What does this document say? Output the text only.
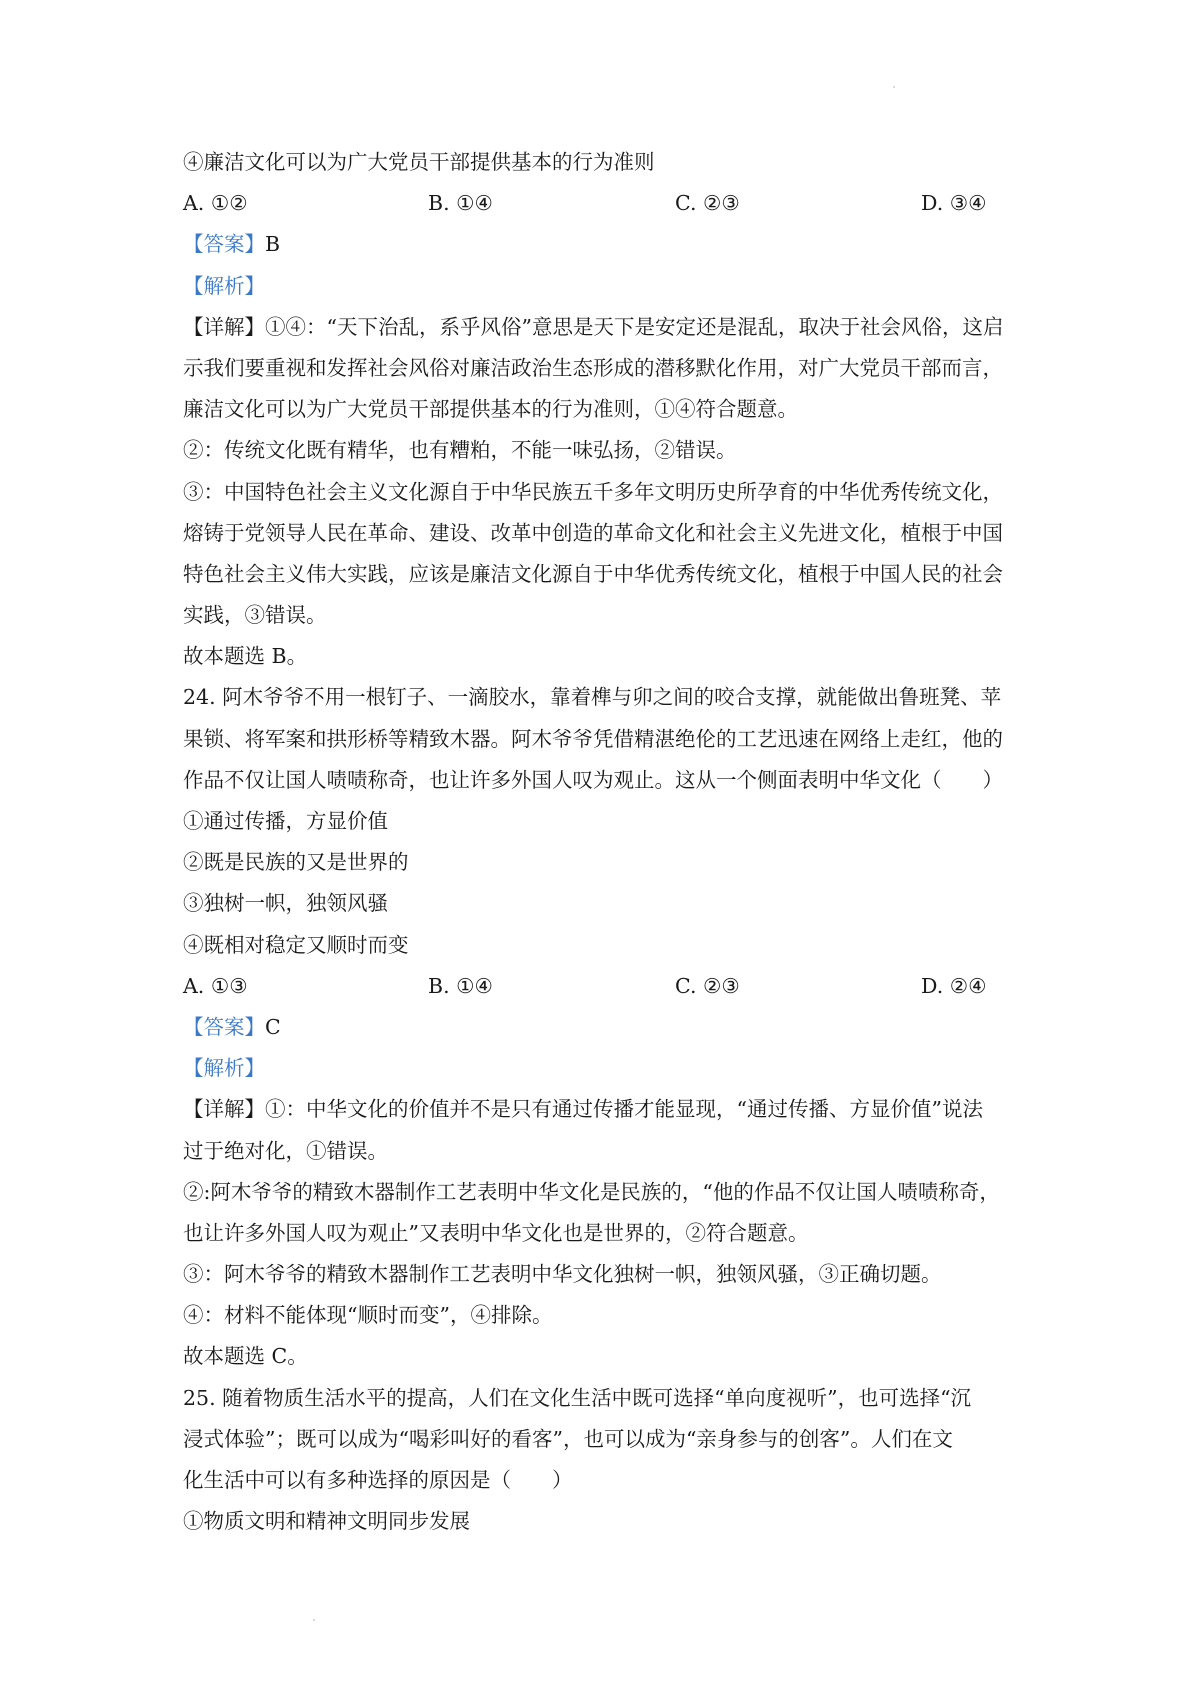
④廉洁文化可以为广大党员干部提供基本的行为准则
A. ①②	B. ①④	C. ②③	D. ③④
【答案】B
【解析】
【详解】①④：“天下治乱，系乎风俗”意思是天下是安定还是混乱，取决于社会风俗，这启
示我们要重视和发挥社会风俗对廉洁政治生态形成的潜移默化作用，对广大党员干部而言，
廉洁文化可以为广大党员干部提供基本的行为准则，①④符合题意。
②：传统文化既有精华，也有糟粕，不能一味弘扬，②错误。
③：中国特色社会主义文化源自于中华民族五千多年文明历史所孕育的中华优秀传统文化，
熔铸于党领导人民在革命、建设、改革中创造的革命文化和社会主义先进文化，植根于中国
特色社会主义伟大实践，应该是廉洁文化源自于中华优秀传统文化，植根于中国人民的社会
实践，③错误。
故本题选 B。
24. 阿木爷爷不用一根钉子、一滴胶水，靠着榫与卯之间的咬合支撑，就能做出鲁班凳、苹
果锁、将军案和拱形桥等精致木器。阿木爷爷凭借精湛绝伦的工艺迅速在网络上走红，他的
作品不仅让国人啧啧称奇，也让许多外国人叹为观止。这从一个侧面表明中华文化（　　）
①通过传播，方显价值
②既是民族的又是世界的
③独树一帜，独领风骚
④既相对稳定又顺时而变
A. ①③	B. ①④	C. ②③	D. ②④
【答案】C
【解析】
【详解】①：中华文化的价值并不是只有通过传播才能显现，“通过传播、方显价值”说法
过于绝对化，①错误。
②:阿木爷爷的精致木器制作工艺表明中华文化是民族的，“他的作品不仅让国人啧啧称奇，
也让许多外国人叹为观止”又表明中华文化也是世界的，②符合题意。
③：阿木爷爷的精致木器制作工艺表明中华文化独树一帜，独领风骚，③正确切题。
④：材料不能体现“顺时而变”，④排除。
故本题选 C。
25. 随着物质生活水平的提高，人们在文化生活中既可选择“单向度视听”，也可选择“沉
浸式体验”；既可以成为“喝彩叫好的看客”，也可以成为“亲身参与的创客”。人们在文
化生活中可以有多种选择的原因是（　　）
①物质文明和精神文明同步发展
